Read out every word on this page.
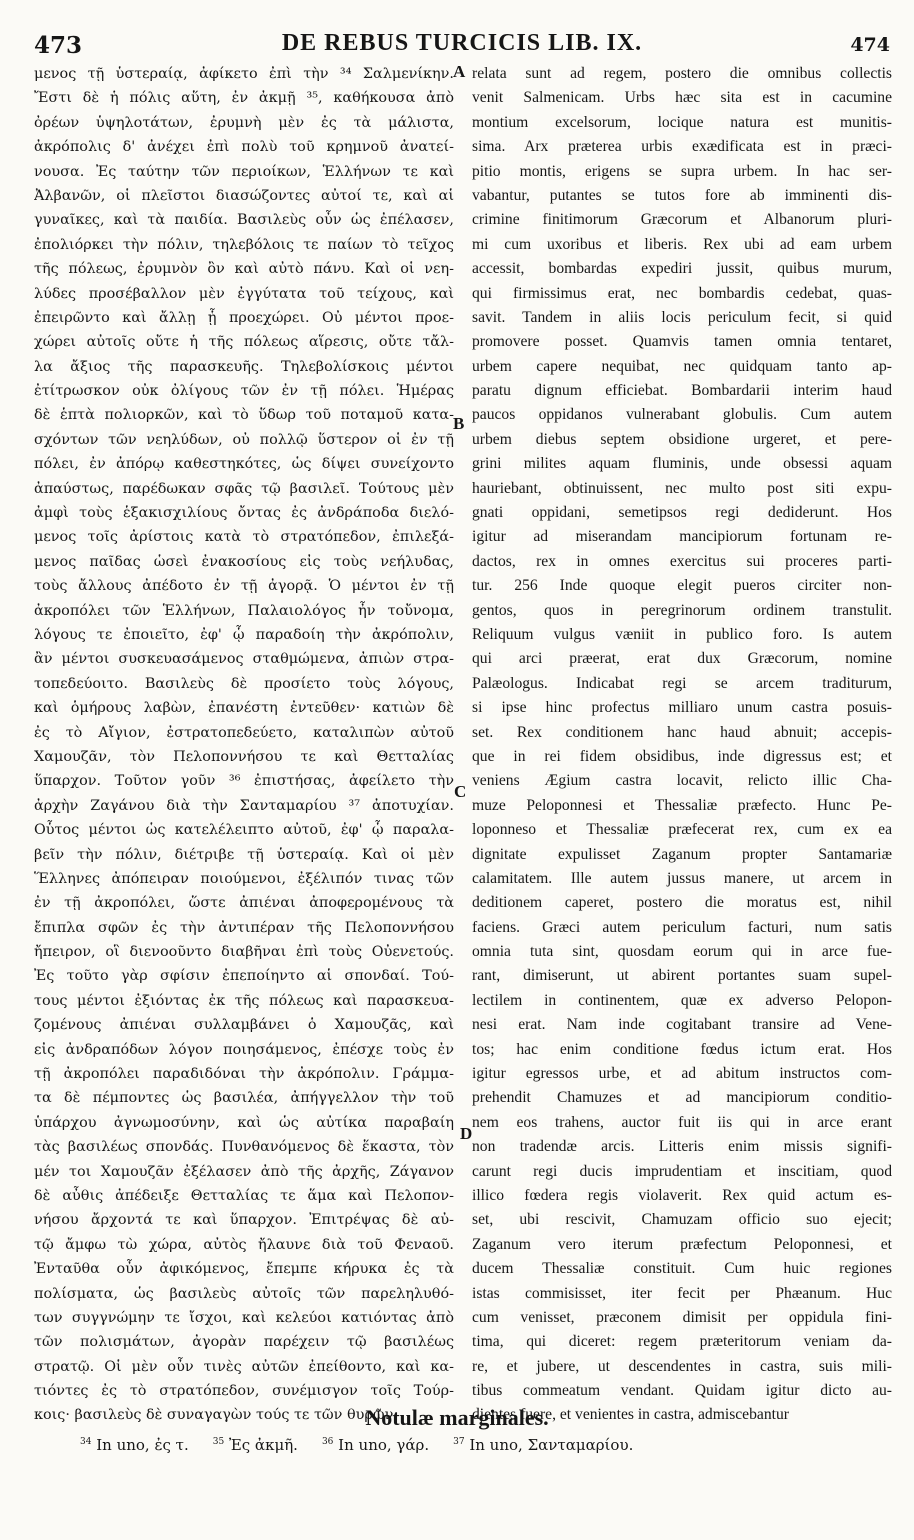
473	DE REBUS TURCICIS LIB. IX.	474
μενος τῇ ὑστεραίᾳ, ἀφίκετο ἐπὶ τὴν ³⁴ Σαλμενίκην.
Ἔστι δὲ ἡ πόλις αὕτη, ἐν ἀκμῇ ³⁵, καθήκουσα ἀπὸ
ὀρέων ὑψηλοτάτων, ἐρυμνὴ μὲν ἐς τὰ μάλιστα,
ἀκρόπολις δ' ἀνέχει ἐπὶ πολὺ τοῦ κρημνοῦ ἀνατεί-
νουσα. Ἐς ταύτην τῶν περιοίκων, Ἑλλήνων τε καὶ
Ἀλβανῶν, οἱ πλεῖστοι διασώζοντες αὐτοί τε, καὶ αἱ
γυναῖκες, καὶ τὰ παιδία. Βασιλεὺς οὖν ὡς ἐπέλασεν,
ἐπολιόρκει τὴν πόλιν, τηλεβόλοις τε παίων τὸ τεῖχος
τῆς πόλεως, ἐρυμνὸν ὂν καὶ αὐτὸ πάνυ. Καὶ οἱ νεη-
λύδες προσέβαλλον μὲν ἐγγύτατα τοῦ τείχους, καὶ
ἐπειρῶντο καὶ ἄλλῃ ᾗ προεχώρει. Οὐ μέντοι προε-
χώρει αὐτοῖς οὔτε ἡ τῆς πόλεως αἵρεσις, οὔτε τἄλ-
λα ἄξιος τῆς παρασκευῆς. Τηλεβολίσκοις μέντοι
ἐτίτρωσκον οὐκ ὀλίγους τῶν ἐν τῇ πόλει. Ἡμέρας
δὲ ἑπτὰ πολιορκῶν, καὶ τὸ ὕδωρ τοῦ ποταμοῦ κατα-
σχόντων τῶν νεηλύδων, οὐ πολλῷ ὕστερον οἱ ἐν τῇ
πόλει, ἐν ἀπόρῳ καθεστηκότες, ὡς δίψει συνείχοντο
ἀπαύστως, παρέδωκαν σφᾶς τῷ βασιλεῖ. Τούτους μὲν
ἀμφὶ τοὺς ἑξακισχιλίους ὄντας ἐς ἀνδράποδα διελό-
μενος τοῖς ἀρίστοις κατὰ τὸ στρατόπεδον, ἐπιλεξά-
μενος παῖδας ὡσεὶ ἐνακοσίους εἰς τοὺς νεήλυδας,
τοὺς ἄλλους ἀπέδοτο ἐν τῇ ἀγορᾷ. Ὁ μέντοι ἐν τῇ
ἀκροπόλει τῶν Ἑλλήνων, Παλαιολόγος ἦν τοὔνομα,
λόγους τε ἐποιεῖτο, ἐφ' ᾧ παραδοίη τὴν ἀκρόπολιν,
ἂν μέντοι συσκευασάμενος σταθμώμενα, ἀπιὼν στρα-
τοπεδεύοιτο. Βασιλεὺς δὲ προσίετο τοὺς λόγους,
καὶ ὁμήρους λαβὼν, ἐπανέστη ἐντεῦθεν· κατιὼν δὲ
ἐς τὸ Αἴγιον, ἐστρατοπεδεύετο, καταλιπὼν αὐτοῦ
Χαμουζᾶν, τὸν Πελοποννήσου τε καὶ Θετταλίας
ὕπαρχον. Τοῦτον γοῦν ³⁶ ἐπιστήσας, ἀφείλετο τὴν
ἀρχὴν Ζαγάνου διὰ τὴν Σανταμαρίου ³⁷ ἀποτυχίαν.
Οὗτος μέντοι ὡς κατελέλειπτο αὐτοῦ, ἐφ' ᾧ παραλα-
βεῖν τὴν πόλιν, διέτριβε τῇ ὑστεραίᾳ. Καὶ οἱ μὲν
Ἕλληνες ἀπόπειραν ποιούμενοι, ἐξέλιπόν τινας τῶν
ἐν τῇ ἀκροπόλει, ὥστε ἀπιέναι ἀποφερομένους τὰ
ἔπιπλα σφῶν ἐς τὴν ἀντιπέραν τῆς Πελοποννήσου
ἤπειρον, οἳ διενοοῦντο διαβῆναι ἐπὶ τοὺς Οὐενετούς.
Ἐς τοῦτο γὰρ σφίσιν ἐπεποίηντο αἱ σπονδαί. Τού-
τους μέντοι ἐξιόντας ἐκ τῆς πόλεως καὶ παρασκευα-
ζομένους ἀπιέναι συλλαμβάνει ὁ Χαμουζᾶς, καὶ
εἰς ἀνδραπόδων λόγον ποιησάμενος, ἐπέσχε τοὺς ἐν
τῇ ἀκροπόλει παραδιδόναι τὴν ἀκρόπολιν. Γράμμα-
τα δὲ πέμποντες ὡς βασιλέα, ἀπήγγελλον τὴν τοῦ
ὑπάρχου ἀγνωμοσύνην, καὶ ὡς αὐτίκα παραβαίη
τὰς βασιλέως σπονδάς. Πυνθανόμενος δὲ ἕκαστα, τὸν
μέν τοι Χαμουζᾶν ἐξέλασεν ἀπὸ τῆς ἀρχῆς, Ζάγανον
δὲ αὖθις ἀπέδειξε Θετταλίας τε ἅμα καὶ Πελοπον-
νήσου ἄρχοντά τε καὶ ὕπαρχον. Ἐπιτρέψας δὲ αὐ-
τῷ ἄμφω τὼ χώρα, αὐτὸς ἤλαυνε διὰ τοῦ Φεναοῦ.
Ἐνταῦθα οὖν ἀφικόμενος, ἔπεμπε κήρυκα ἐς τὰ
πολίσματα, ὡς βασιλεὺς αὐτοῖς τῶν παρεληλυθό-
των συγγνώμην τε ἴσχοι, καὶ κελεύοι κατιόντας ἀπὸ
τῶν πολισμάτων, ἀγορὰν παρέχειν τῷ βασιλέως
στρατῷ. Οἱ μὲν οὖν τινὲς αὐτῶν ἐπείθοντο, καὶ κα-
τιόντες ἐς τὸ στρατόπεδον, συνέμισγον τοῖς Τούρ-
κοις· βασιλεὺς δὲ συναγαγὼν τούς τε τῶν θυρῶν
relata sunt ad regem, postero die omnibus collectis
venit Salmenicam. Urbs hæc sita est in cacumine
montium excelsorum, locique natura est munitis-
sima. Arx præterea urbis exædificata est in præci-
pitio montis, erigens se supra urbem. In hac ser-
vabantur, putantes se tutos fore ab imminenti dis-
crimine finitimorum Græcorum et Albanorum pluri-
mi cum uxoribus et liberis. Rex ubi ad eam urbem
accessit, bombardas expediri jussit, quibus murum,
qui firmissimus erat, nec bombardis cedebat, quas-
savit. Tandem in aliis locis periculum fecit, si quid
promovere posset. Quamvis tamen omnia tentaret,
urbem capere nequibat, nec quidquam tanto ap-
paratu dignum efficiebat. Bombardarii interim haud
paucos oppidanos vulnerabant globulis. Cum autem
urbem diebus septem obsidione urgeret, et pere-
grini milites aquam fluminis, unde obsessi aquam
hauriebant, obtinuissent, nec multo post siti expu-
gnati oppidani, semetipsos regi dediderunt. Hos
igitur ad miserandam mancipiorum fortunam re-
dactos, rex in omnes exercitus sui proceres parti-
tur. 256 Inde quoque elegit pueros circiter non-
gentos, quos in peregrinorum ordinem transtulit.
Reliquum vulgus væniit in publico foro. Is autem
qui arci præerat, erat dux Græcorum, nomine
Palæologus. Indicabat regi se arcem traditurum,
si ipse hinc profectus milliaro unum castra posuis-
set. Rex conditionem hanc haud abnuit; accepis-
que in rei fidem obsidibus, inde digressus est; et
veniens Ægium castra locavit, relicto illic Cha-
muze Peloponnesi et Thessaliæ præfecto. Hunc Pe-
loponneso et Thessaliæ præfecerat rex, cum ex ea
dignitate expulisset Zaganum propter Santamariæ
calamitatem. Ille autem jussus manere, ut arcem in
deditionem caperet, postero die moratus est, nihil
faciens. Græci autem periculum facturi, num satis
omnia tuta sint, quosdam eorum qui in arce fue-
rant, dimiserunt, ut abirent portantes suam supel-
lectilem in continentem, quæ ex adverso Pelopon-
nesi erat. Nam inde cogitabant transire ad Vene-
tos; hac enim conditione fœdus ictum erat. Hos
igitur egressos urbe, et ad abitum instructos com-
prehendit Chamuzes et ad mancipiorum conditio-
nem eos trahens, auctor fuit iis qui in arce erant
non tradendæ arcis. Litteris enim missis signifi-
carunt regi ducis imprudentiam et inscitiam, quod
illico fœdera regis violaverit. Rex quid actum es-
set, ubi rescivit, Chamuzam officio suo ejecit;
Zaganum vero iterum præfectum Peloponnesi, et
ducem Thessaliæ constituit. Cum huic regiones
istas commisisset, iter fecit per Phæanum. Huc
cum venisset, præconem dimisit per oppidula fini-
tima, qui diceret: regem præteritorum veniam da-
re, et jubere, ut descendentes in castra, suis mili-
tibus commeatum vendant. Quidam igitur dicto au-
dientes fuere, et venientes in castra, admiscebantur
A
B
C
D
Notulæ marginales.
$^{34}$ In uno, ἐς τ.	$^{35}$ Ἐς ἀκμῆ.	$^{36}$ In uno, γάρ.	$^{37}$ In uno, Σανταμαρίου.
